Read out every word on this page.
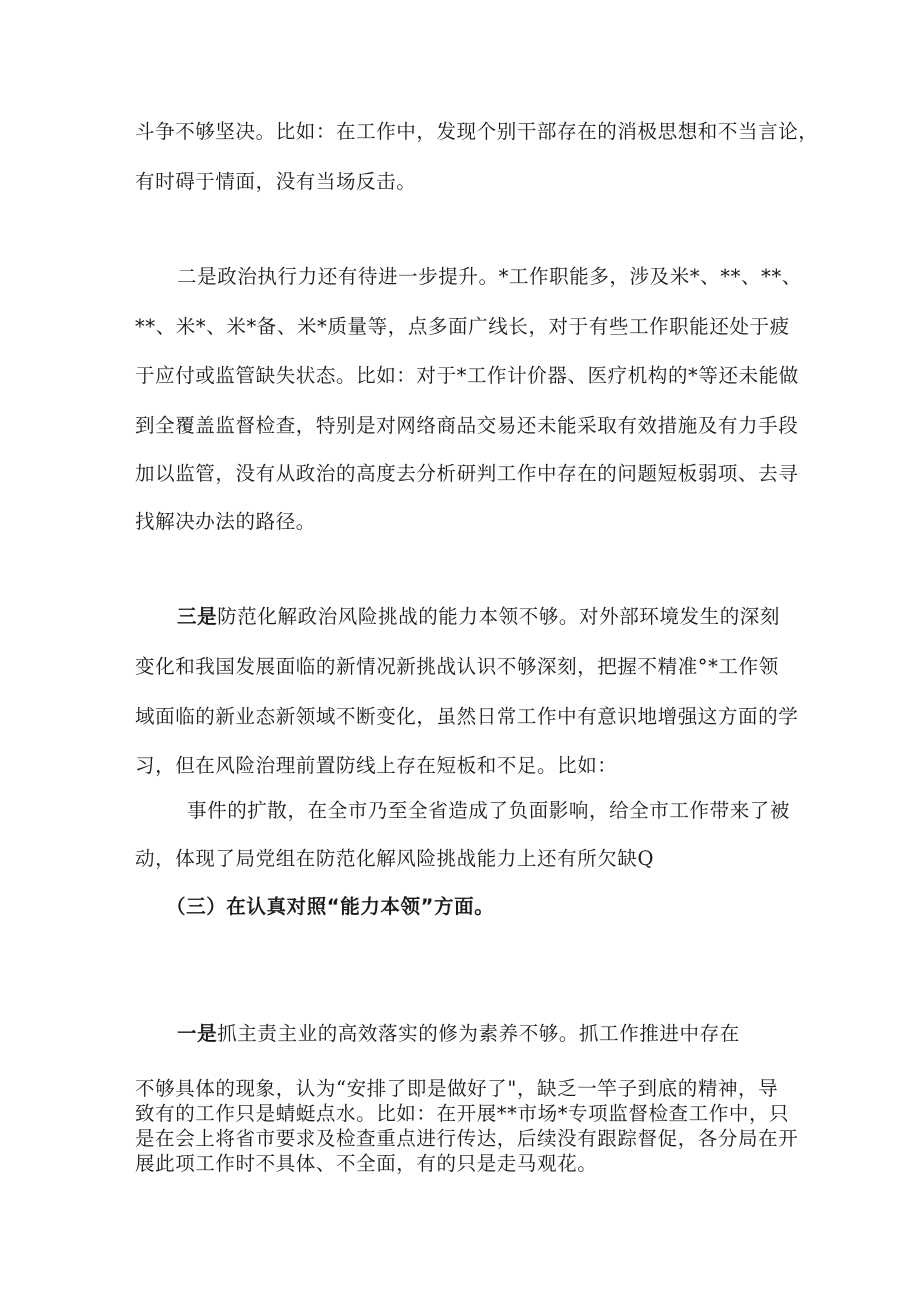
斗争不够坚决。比如：在工作中，发现个别干部存在的消极思想和不当言论，
有时碍于情面，没有当场反击。
二是政治执行力还有待进一步提升。*工作职能多，涉及米*、**、**、
**、米*、米*备、米*质量等，点多面广线长，对于有些工作职能还处于疲
于应付或监管缺失状态。比如：对于*工作计价器、医疗机构的*等还未能做
到全覆盖监督检查，特别是对网络商品交易还未能采取有效措施及有力手段
加以监管，没有从政治的高度去分析研判工作中存在的问题短板弱项、去寻
找解决办法的路径。
三是防范化解政治风险挑战的能力本领不够。对外部环境发生的深刻
变化和我国发展面临的新情况新挑战认识不够深刻，把握不精准°*工作领
域面临的新业态新领域不断变化，虽然日常工作中有意识地增强这方面的学
习，但在风险治理前置防线上存在短板和不足。比如：
事件的扩散，在全市乃至全省造成了负面影响，给全市工作带来了被
动，体现了局党组在防范化解风险挑战能力上还有所欠缺Q
（三）在认真对照“能力本领”方面。
一是抓主责主业的高效落实的修为素养不够。抓工作推进中存在
不够具体的现象，认为“安排了即是做好了"，缺乏一竿子到底的精神，导
致有的工作只是蜻蜓点水。比如：在开展**市场*专项监督检查工作中，只
是在会上将省市要求及检查重点进行传达，后续没有跟踪督促，各分局在开
展此项工作时不具体、不全面，有的只是走马观花。
